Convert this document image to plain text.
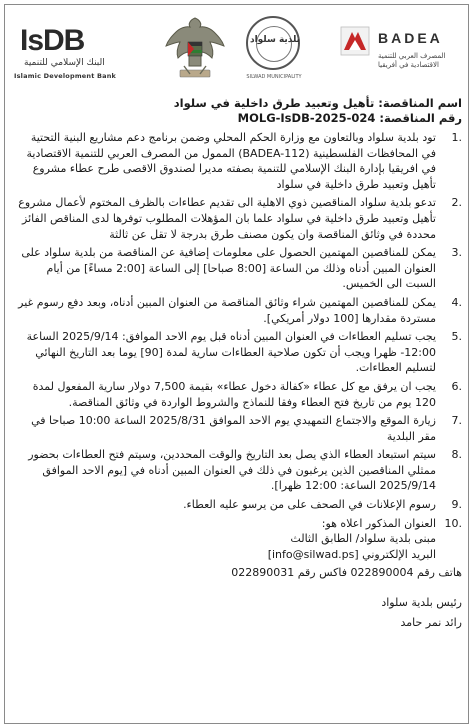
IsDB
البنك الإسلامي للتنمية
Islamic Development Bank
بلدية سلواد
SILWAD MUNICIPALITY
BADEA
المصرف العربي للتنمية الاقتصادية في أفريقيا

اسم المناقصة: تأهيل وتعبيد طرق داخلية في سلواد

رقم المناقصة: MOLG-IsDB-2025-024

.1
تود بلدية سلواد وبالتعاون مع وزارة الحكم المحلي وضمن برنامج دعم مشاريع البنية التحتية في المحافظات الفلسطينية (BADEA-112) الممول من المصرف العربي للتنمية الاقتصادية في افريقيا بإدارة البنك الإسلامي للتنمية بصفته مديرا لصندوق الاقصى طرح عطاء مشروع تأهيل وتعبيد طرق داخلية في سلواد
.2
تدعو بلدية سلواد المناقصين ذوي الاهلية الى تقديم عطاءات بالظرف المختوم لأعمال مشروع تأهيل وتعبيد طرق داخلية في سلواد علما بان المؤهلات المطلوب توفرها لدى المناقص الفائز محددة في وثائق المناقصة وان يكون مصنف طرق بدرجة لا تقل عن ثالثة
.3
يمكن للمناقصين المهتمين الحصول على معلومات إضافية عن المناقصة من بلدية سلواد على العنوان المبين أدناه وذلك من الساعة [8:00 صباحا] إلى الساعة [2:00 مساءً] من أيام السبت الى الخميس.
.4
يمكن للمناقصين المهتمين شراء وثائق المناقصة من العنوان المبين أدناه، وبعد دفع رسوم غير مستردة مقدارها [100 دولار أمريكي].
.5
يجب تسليم العطاءات في العنوان المبين أدناه قبل يوم الاحد الموافق: 2025/9/14 الساعة 12:00- ظهرا ويجب أن تكون صلاحية العطاءات سارية لمدة [90] يوما بعد التاريخ النهائي لتسليم العطاءات.
.6
يجب ان يرفق مع كل عطاء «كفالة دخول عطاء» بقيمة 7,500 دولار سارية المفعول لمدة 120 يوم من تاريخ فتح العطاء وفقا للنماذج والشروط الواردة في وثائق المناقصة.
.7
زيارة الموقع والاجتماع التمهيدي يوم الاحد الموافق 2025/8/31 الساعة 10:00 صباحا في مقر البلدية
.8
سيتم استبعاد العطاء الذي يصل بعد التاريخ والوقت المحددين، وسيتم فتح العطاءات بحضور ممثلي المناقصين الذين يرغبون في ذلك في العنوان المبين أدناه في [يوم الاحد الموافق 2025/9/14 الساعة: 12:00 ظهرا].
.9
رسوم الإعلانات في الصحف على من يرسو عليه العطاء.
.10
العنوان المذكور اعلاه هو:

مبنى بلدية سلواد/ الطابق الثالث

البريد الإلكتروني [info@silwad.ps]

هاتف رقم 022890004 فاكس رقم 022890031

رئيس بلدية سلواد
رائد نمر حامد
